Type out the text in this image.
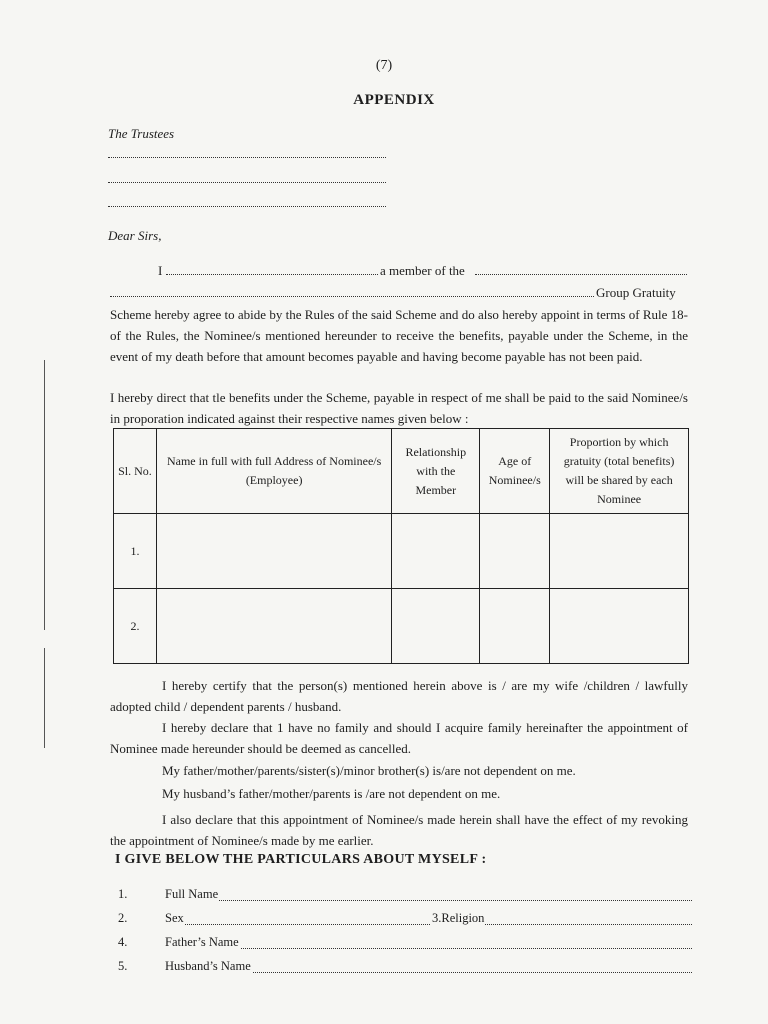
(7)
APPENDIX
The Trustees
Dear Sirs,
I	a member of the
Group Gratuity
Scheme hereby agree to abide by the Rules of the said Scheme and do also hereby appoint in terms of Rule 18-of the Rules, the Nominee/s mentioned hereunder to receive the benefits, payable under the Scheme, in the event of my death before that amount becomes payable and having become payable has not been paid.
I hereby direct that tle benefits under the Scheme, payable in respect of me shall be paid to the said Nominee/s in proporation indicated against their respective names given below :
Sl. No.	Name in full with full Address of Nominee/s (Employee)	Relationship with the Member	Age of Nominee/s	Proportion by which gratuity (total benefits) will be shared by each Nominee
1.				
2.				
I hereby certify that the person(s) mentioned herein above is / are my wife /children / lawfully adopted child / dependent parents / husband.
I hereby declare that 1 have no family and should I acquire family hereinafter the appointment of Nominee made hereunder should be deemed as cancelled.
My father/mother/parents/sister(s)/minor brother(s) is/are not dependent on me.
My husband’s father/mother/parents is /are not dependent on me.
I also declare that this appointment of Nominee/s made herein shall have the effect of my revoking the appointment of Nominee/s made by me earlier.
I GIVE BELOW THE PARTICULARS ABOUT MYSELF :
1.	Full Name
2.	Sex	3.Religion
4.	Father’s Name
5.	Husband’s Name
